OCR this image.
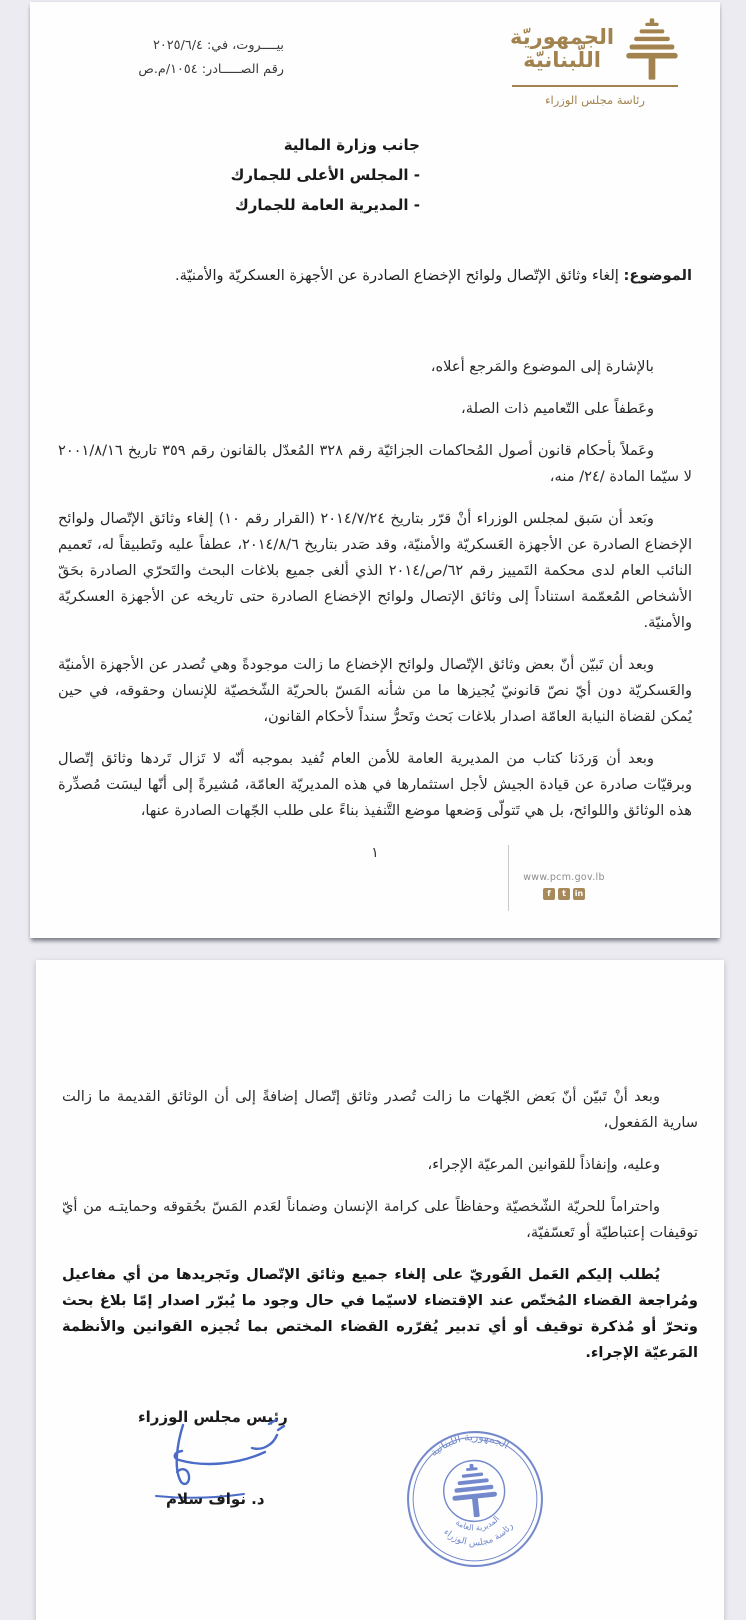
الجمهوريّة
اللّبنانيّة
رئاسة مجلس الوزراء
بيــــروت، في: ٢٠٢٥/٦/٤
رقم الصـــــادر: ١٠٥٤/م.ص
جانب وزارة المالية
- المجلس الأعلى للجمارك
- المديرية العامة للجمارك
الموضوع: إلغاء وثائق الإتّصال ولوائح الإخضاع الصادرة عن الأجهزة العسكريّة والأمنيّة.

بالإشارة إلى الموضوع والمَرجع أعلاه،

وعَطفاً على التّعاميم ذات الصلة،

وعَملاً بأحكام قانون أصول المُحاكمات الجزائيّة رقم ٣٢٨ المُعدّل بالقانون رقم ٣٥٩ تاريخ ٢٠٠١/٨/١٦ لا سيّما المادة /٢٤/ منه،

وبَعد أن سَبق لمجلس الوزراء أنْ قرّر بتاريخ ٢٠١٤/٧/٢٤ (القرار رقم ١٠) إلغاء وثائق الإتّصال ولوائح الإخضاع الصادرة عن الأجهزة العَسكريّة والأمنيّة، وقد صَدر بتاريخ ٢٠١٤/٨/٦، عطفاً عليه وتَطبيقاً له، تَعميم النائب العام لدى محكمة التَمييز رقم ٦٢/ص/٢٠١٤ الذي ألغى جميع بلاغات البحث والتَحرّي الصادرة بحَقّ الأشخاص المُعمّمة استناداً إلى وثائق الإتصال ولوائح الإخضاع الصادرة حتى تاريخه عن الأجهزة العسكريّة والأمنيّة.

وبعد أن تَبيّن أنّ بعض وثائق الإتّصال ولوائح الإخضاع ما زالت موجودةً وهي تُصدر عن الأجهزة الأمنيّة والعَسكريّة دون أيّ نصّ قانونيّ يُجيزها ما من شأنه المَسّ بالحريّة الشّخصيّة للإنسان وحقوقه، في حين يُمكن لقضاة النيابة العامّة اصدار بلاغات بَحث وتَحرُّ سنداً لأحكام القانون،

وبعد أن وَردَنا كتاب من المديرية العامة للأمن العام تُفيد بموجبه أنّه لا تَزال تَردها وثائق إتّصال وبرقيّات صادرة عن قيادة الجيش لأجل استثمارها في هذه المديريّة العامّة، مُشيرةً إلى أنّها ليسَت مُصدِّرة هذه الوثائق واللوائح، بل هي تَتولّى وَضعها موضع التَّنفيذ بناءً على طلب الجّهات الصادرة عنها،

١
www.pcm.gov.lb
f	t	in

وبعد أنْ تَبيّن أنّ بَعض الجّهات ما زالت تُصدر وثائق إتّصال إضافةً إلى أن الوثائق القديمة ما زالت سارية المَفعول،

وعليه، وإنفاذاً للقوانين المرعيّة الإجراء،

واحتراماً للحريّة الشّخصيّة وحفاظاً على كرامة الإنسان وضماناً لعَدم المَسّ بحُقوقه وحمايتـه من أيّ توقيفات إعتباطيّة أو تَعسّفيّة،

يُطلب إليكم العَمل الفَوريّ على إلغاء جميع وثائق الإتّصال وتَجريدها من أي مفاعيل ومُراجعة القضاء المُختّص عند الإقتضاء لاسيّما في حال وجود ما يُبرّر اصدار إمّا بلاغ بحث وتحرّ أو مُذكرة توقيف أو أي تدبير يُقرّره القضاء المختص بما تُجيزه القوانين والأنظمة المَرعيّة الإجراء.

رئيس مجلس الوزراء
د. نواف سلام
الجمهورية اللبنانية
رئاسة مجلس الوزراء
المديرية العامة
